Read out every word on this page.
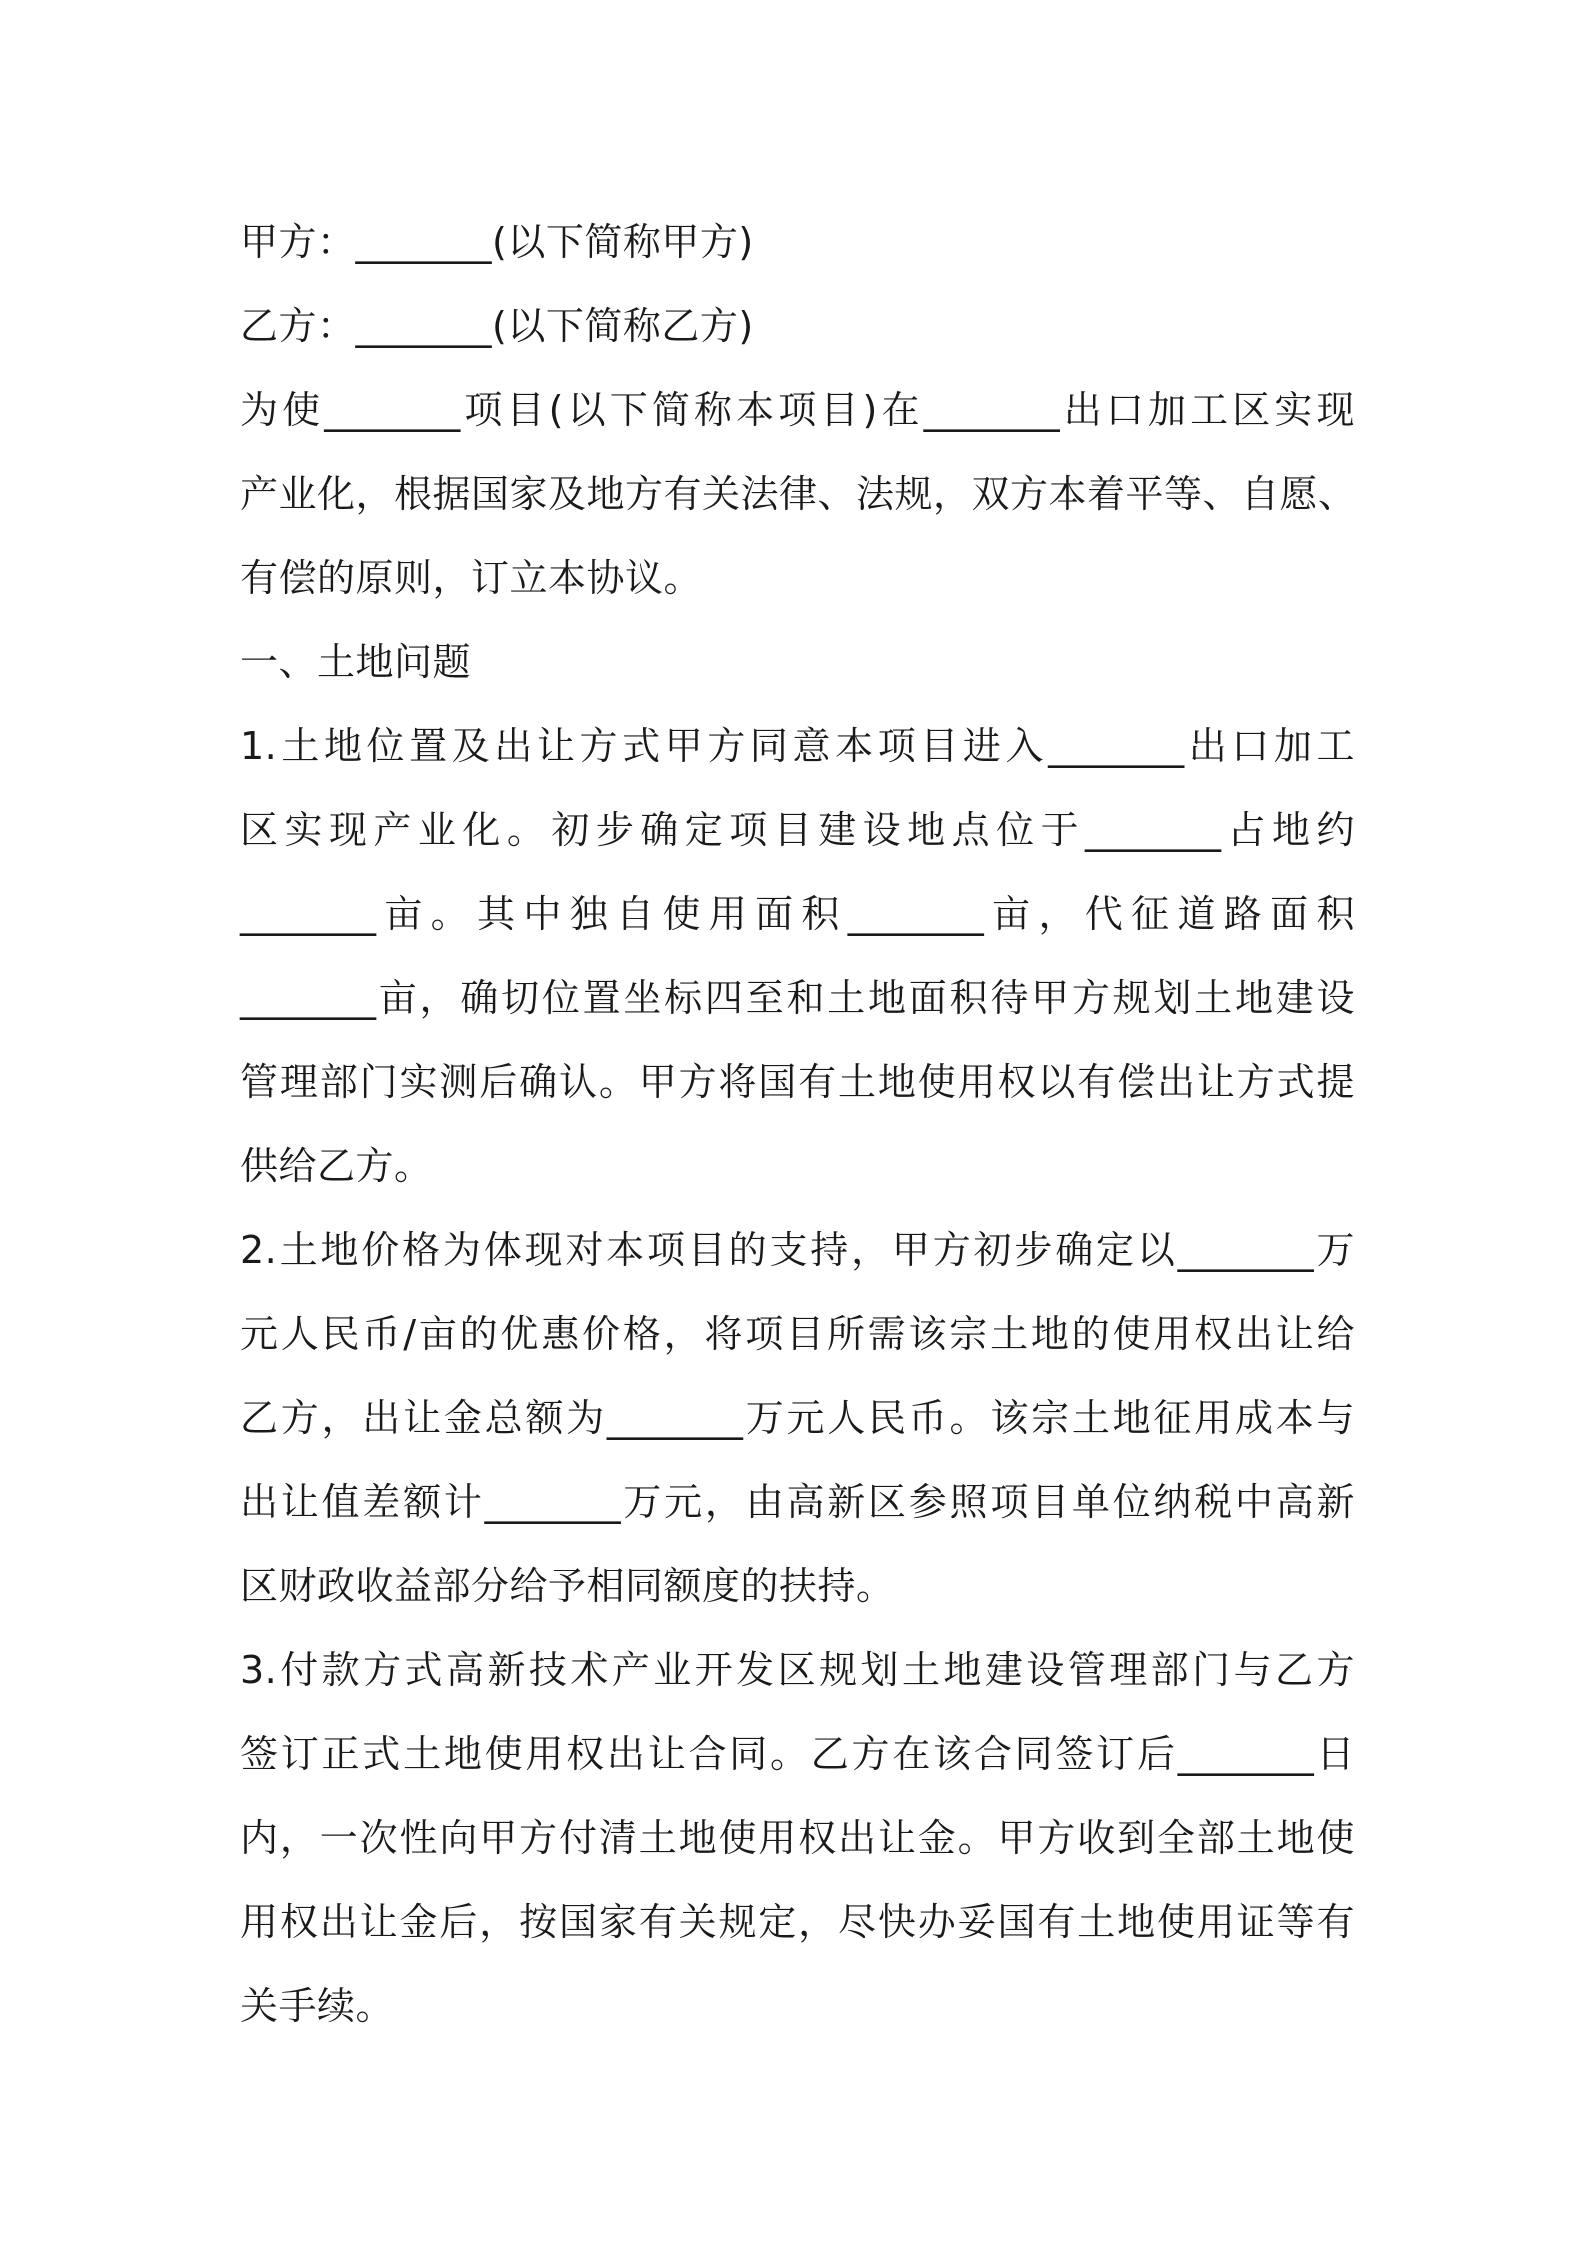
甲方：_______(以下简称甲方)
乙方：_______(以下简称乙方)
为使_______项目(以下简称本项目)在_______出口加工区实现
产业化，根据国家及地方有关法律、法规，双方本着平等、自愿、
有偿的原则，订立本协议。
一、土地问题
1.土地位置及出让方式甲方同意本项目进入_______出口加工
区实现产业化。初步确定项目建设地点位于_______占地约
_______亩。其中独自使用面积_______亩，代征道路面积
_______亩，确切位置坐标四至和土地面积待甲方规划土地建设
管理部门实测后确认。甲方将国有土地使用权以有偿出让方式提
供给乙方。
2.土地价格为体现对本项目的支持，甲方初步确定以_______万
元人民币/亩的优惠价格，将项目所需该宗土地的使用权出让给
乙方，出让金总额为_______万元人民币。该宗土地征用成本与
出让值差额计_______万元，由高新区参照项目单位纳税中高新
区财政收益部分给予相同额度的扶持。
3.付款方式高新技术产业开发区规划土地建设管理部门与乙方
签订正式土地使用权出让合同。乙方在该合同签订后_______日
内，一次性向甲方付清土地使用权出让金。甲方收到全部土地使
用权出让金后，按国家有关规定，尽快办妥国有土地使用证等有
关手续。
